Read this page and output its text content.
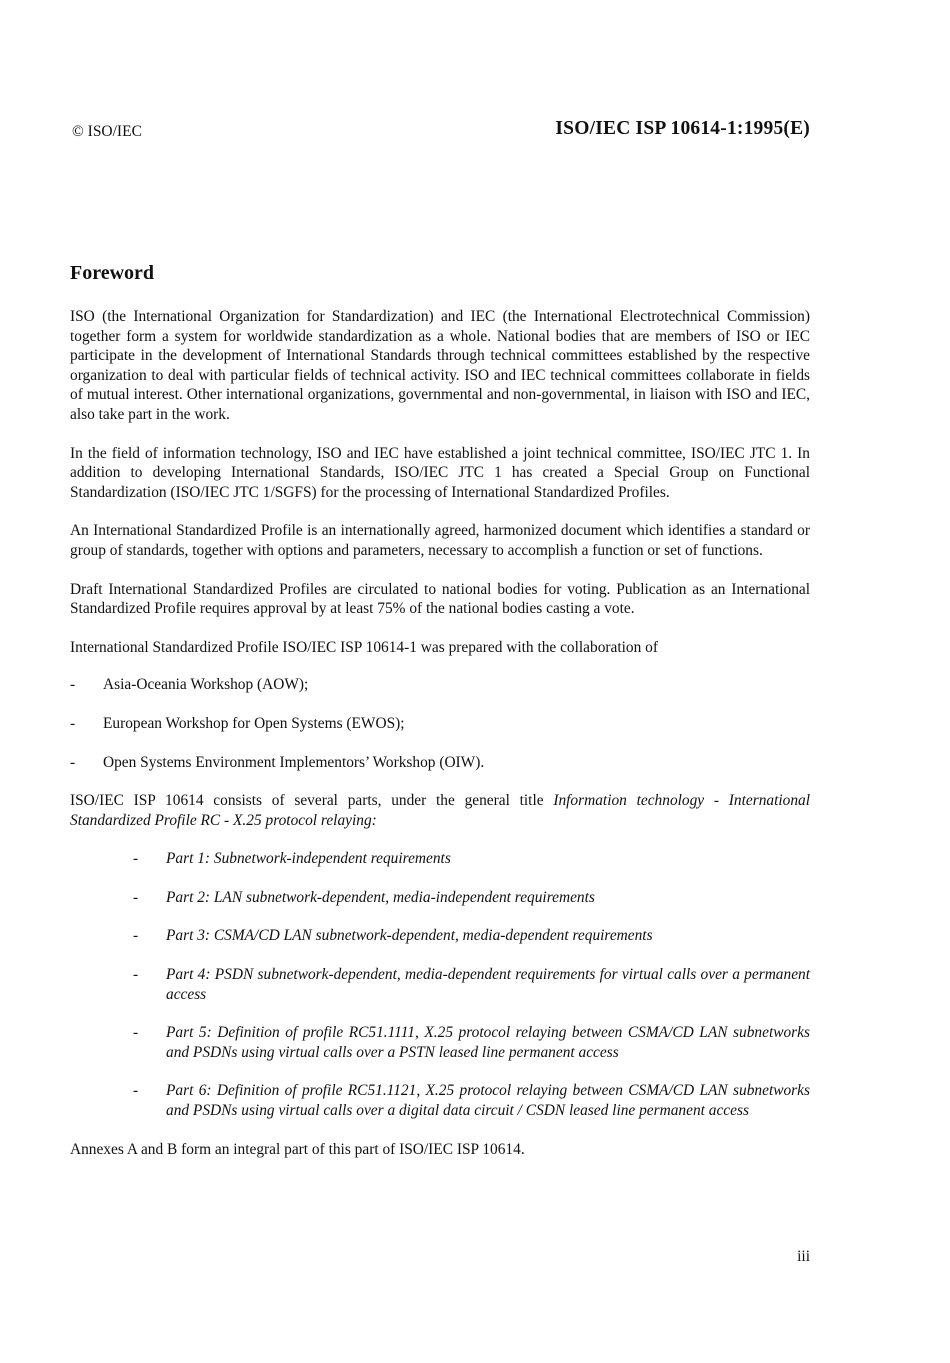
© ISO/IEC	ISO/IEC ISP 10614-1:1995(E)
Foreword

ISO (the International Organization for Standardization) and IEC (the International Electrotechnical Commission) together form a system for worldwide standardization as a whole. National bodies that are members of ISO or IEC participate in the development of International Standards through technical committees established by the respective organization to deal with particular fields of technical activity. ISO and IEC technical committees collaborate in fields of mutual interest. Other international organizations, governmental and non-governmental, in liaison with ISO and IEC, also take part in the work.

In the field of information technology, ISO and IEC have established a joint technical committee, ISO/IEC JTC 1. In addition to developing International Standards, ISO/IEC JTC 1 has created a Special Group on Functional Standardization (ISO/IEC JTC 1/SGFS) for the processing of International Standardized Profiles.

An International Standardized Profile is an internationally agreed, harmonized document which identifies a standard or group of standards, together with options and parameters, necessary to accomplish a function or set of functions.

Draft International Standardized Profiles are circulated to national bodies for voting. Publication as an International Standardized Profile requires approval by at least 75% of the national bodies casting a vote.

International Standardized Profile ISO/IEC ISP 10614-1 was prepared with the collaboration of

- Asia-Oceania Workshop (AOW);
- European Workshop for Open Systems (EWOS);
- Open Systems Environment Implementors’ Workshop (OIW).

ISO/IEC ISP 10614 consists of several parts, under the general title Information technology - International Standardized Profile RC - X.25 protocol relaying:

- Part 1: Subnetwork-independent requirements
- Part 2: LAN subnetwork-dependent, media-independent requirements
- Part 3: CSMA/CD LAN subnetwork-dependent, media-dependent requirements
- Part 4: PSDN subnetwork-dependent, media-dependent requirements for virtual calls over a permanent access
- Part 5: Definition of profile RC51.1111, X.25 protocol relaying between CSMA/CD LAN subnetworks and PSDNs using virtual calls over a PSTN leased line permanent access
- Part 6: Definition of profile RC51.1121, X.25 protocol relaying between CSMA/CD LAN subnetworks and PSDNs using virtual calls over a digital data circuit / CSDN leased line permanent access

Annexes A and B form an integral part of this part of ISO/IEC ISP 10614.

iii
